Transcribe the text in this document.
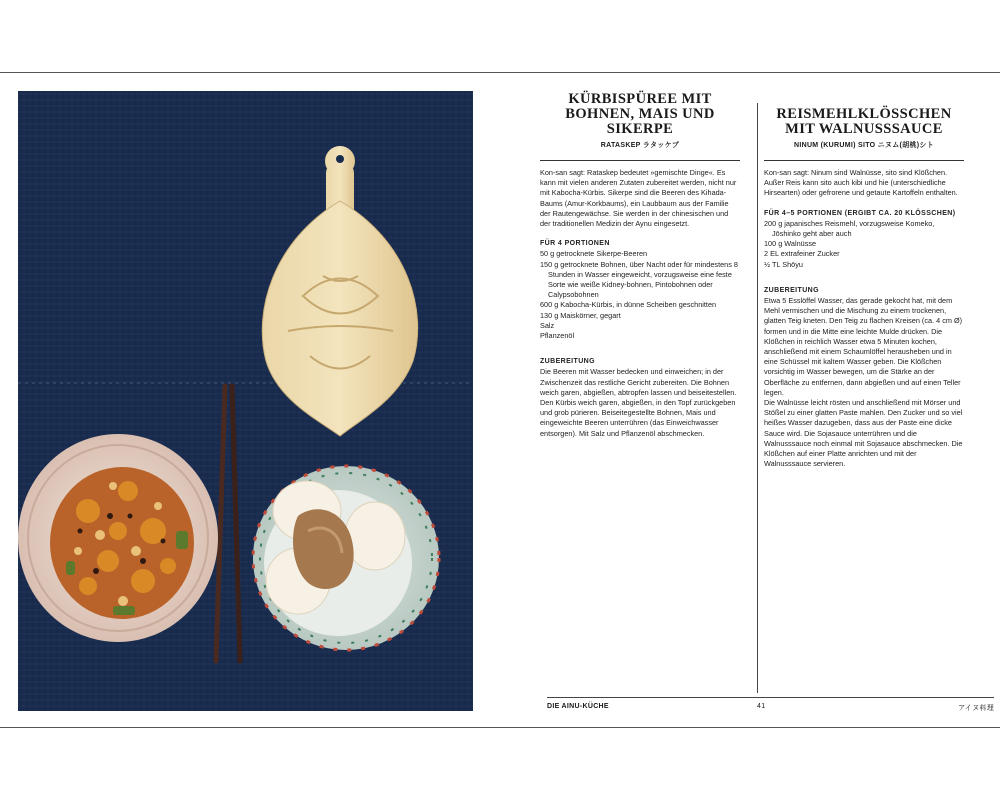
KÜRBISPÜREE MIT BOHNEN, MAIS UND SIKERPE
RATASKEP ラタッケプ

Kon-san sagt: Rataskep bedeutet »gemischte Dinge«. Es kann mit vielen anderen Zutaten zubereitet werden, nicht nur mit Kabocha-Kürbis. Sikerpe sind die Beeren des Kihada-Baums (Amur-Korkbaums), ein Laubbaum aus der Familie der Rautengewächse. Sie werden in der chinesischen und der traditionellen Medizin der Aynu eingesetzt.

FÜR 4 PORTIONEN
50 g getrocknete Sikerpe-Beeren
150 g getrocknete Bohnen, über Nacht oder für mindestens 8 Stunden in Wasser eingeweicht, vorzugsweise eine feste Sorte wie weiße Kidney-bohnen, Pintobohnen oder Calypsobohnen
600 g Kabocha-Kürbis, in dünne Scheiben geschnitten
130 g Maiskörner, gegart
Salz
Pflanzenöl
ZUBEREITUNG

Die Beeren mit Wasser bedecken und einweichen; in der Zwischenzeit das restliche Gericht zubereiten. Die Bohnen weich garen, abgießen, abtropfen lassen und beiseitestellen. Den Kürbis weich garen, abgießen, in den Topf zurückgeben und grob pürieren. Beiseitegestellte Bohnen, Mais und eingeweichte Beeren unterrühren (das Einweichwasser entsorgen). Mit Salz und Pflanzenöl abschmecken.

REISMEHLKLÖSSCHEN MIT WALNUSSSAUCE
NINUM (KURUMI) SITO ニヌム(胡桃)シト

Kon-san sagt: Ninum sind Walnüsse, sito sind Klößchen. Außer Reis kann sito auch kibi und hie (unterschiedliche Hirsearten) oder gefrorene und getaute Kartoffeln enthalten.

FÜR 4–5 PORTIONEN (ERGIBT CA. 20 KLÖSSCHEN)
200 g japanisches Reismehl, vorzugsweise Komeko, Jōshinko geht aber auch
100 g Walnüsse
2 EL extrafeiner Zucker
½ TL Shōyu
ZUBEREITUNG

Etwa 5 Esslöffel Wasser, das gerade gekocht hat, mit dem Mehl vermischen und die Mischung zu einem trockenen, glatten Teig kneten. Den Teig zu flachen Kreisen (ca. 4 cm Ø) formen und in die Mitte eine leichte Mulde drücken. Die Klößchen in reichlich Wasser etwa 5 Minuten kochen, anschließend mit einem Schaumlöffel herausheben und in eine Schüssel mit kaltem Wasser geben. Die Klößchen vorsichtig im Wasser bewegen, um die Stärke an der Oberfläche zu entfernen, dann abgießen und auf einen Teller legen.

Die Walnüsse leicht rösten und anschließend mit Mörser und Stößel zu einer glatten Paste mahlen. Den Zucker und so viel heißes Wasser dazugeben, dass aus der Paste eine dicke Sauce wird. Die Sojasauce unterrühren und die Walnusssauce noch einmal mit Sojasauce abschmecken. Die Klößchen auf einer Platte anrichten und mit der Walnusssauce servieren.

DIE AINU-KÜCHE	41	アイヌ料理
